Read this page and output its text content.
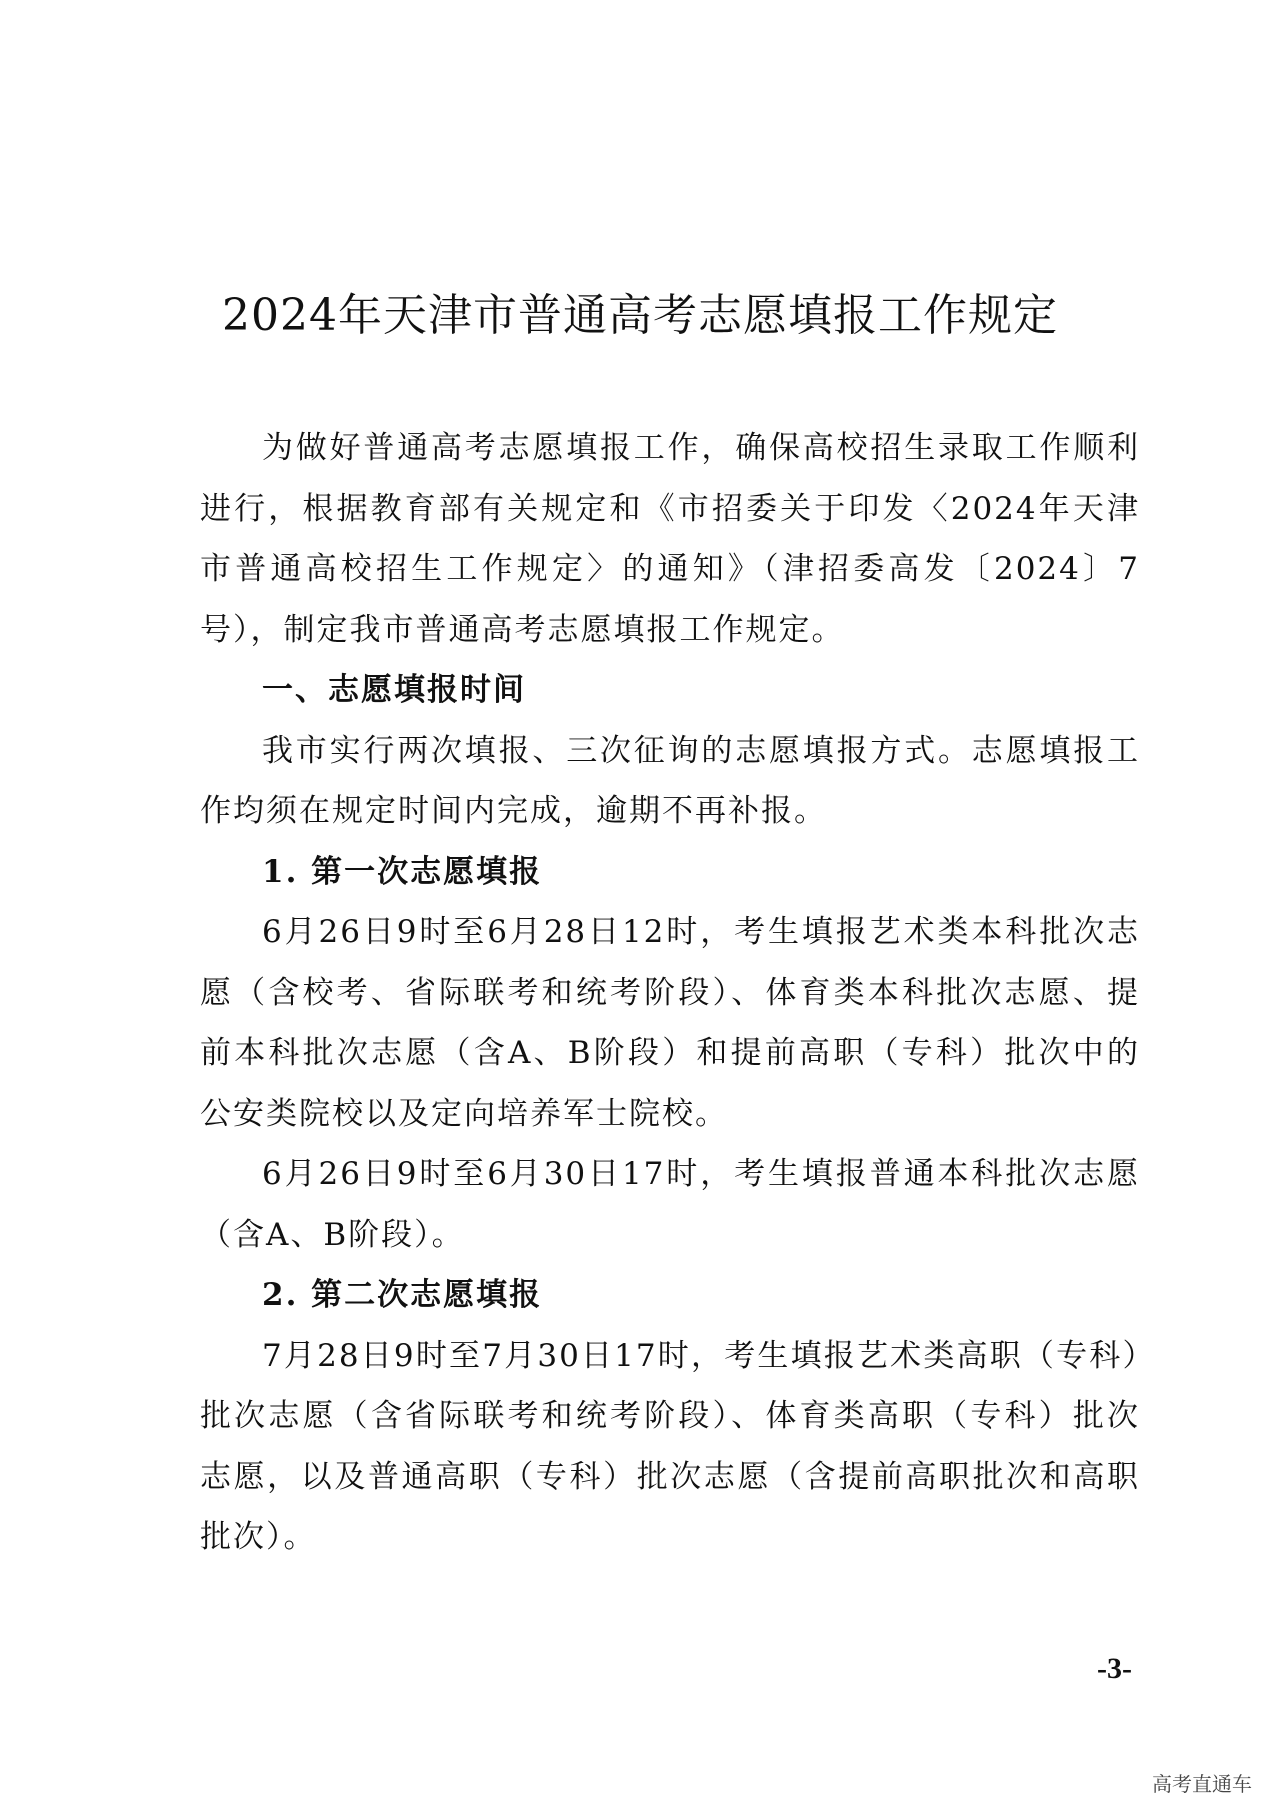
2024年天津市普通高考志愿填报工作规定

为做好普通高考志愿填报工作，确保高校招生录取工作顺利进行，根据教育部有关规定和《市招委关于印发〈2024年天津市普通高校招生工作规定〉的通知》（津招委高发〔2024〕7号），制定我市普通高考志愿填报工作规定。

一、志愿填报时间

我市实行两次填报、三次征询的志愿填报方式。志愿填报工作均须在规定时间内完成，逾期不再补报。

1. 第一次志愿填报

6月26日9时至6月28日12时，考生填报艺术类本科批次志愿（含校考、省际联考和统考阶段）、体育类本科批次志愿、提前本科批次志愿（含A、B阶段）和提前高职（专科）批次中的公安类院校以及定向培养军士院校。

6月26日9时至6月30日17时，考生填报普通本科批次志愿（含A、B阶段）。

2. 第二次志愿填报

7月28日9时至7月30日17时，考生填报艺术类高职（专科）批次志愿（含省际联考和统考阶段）、体育类高职（专科）批次志愿，以及普通高职（专科）批次志愿（含提前高职批次和高职批次）。

-3-
高考直通车
